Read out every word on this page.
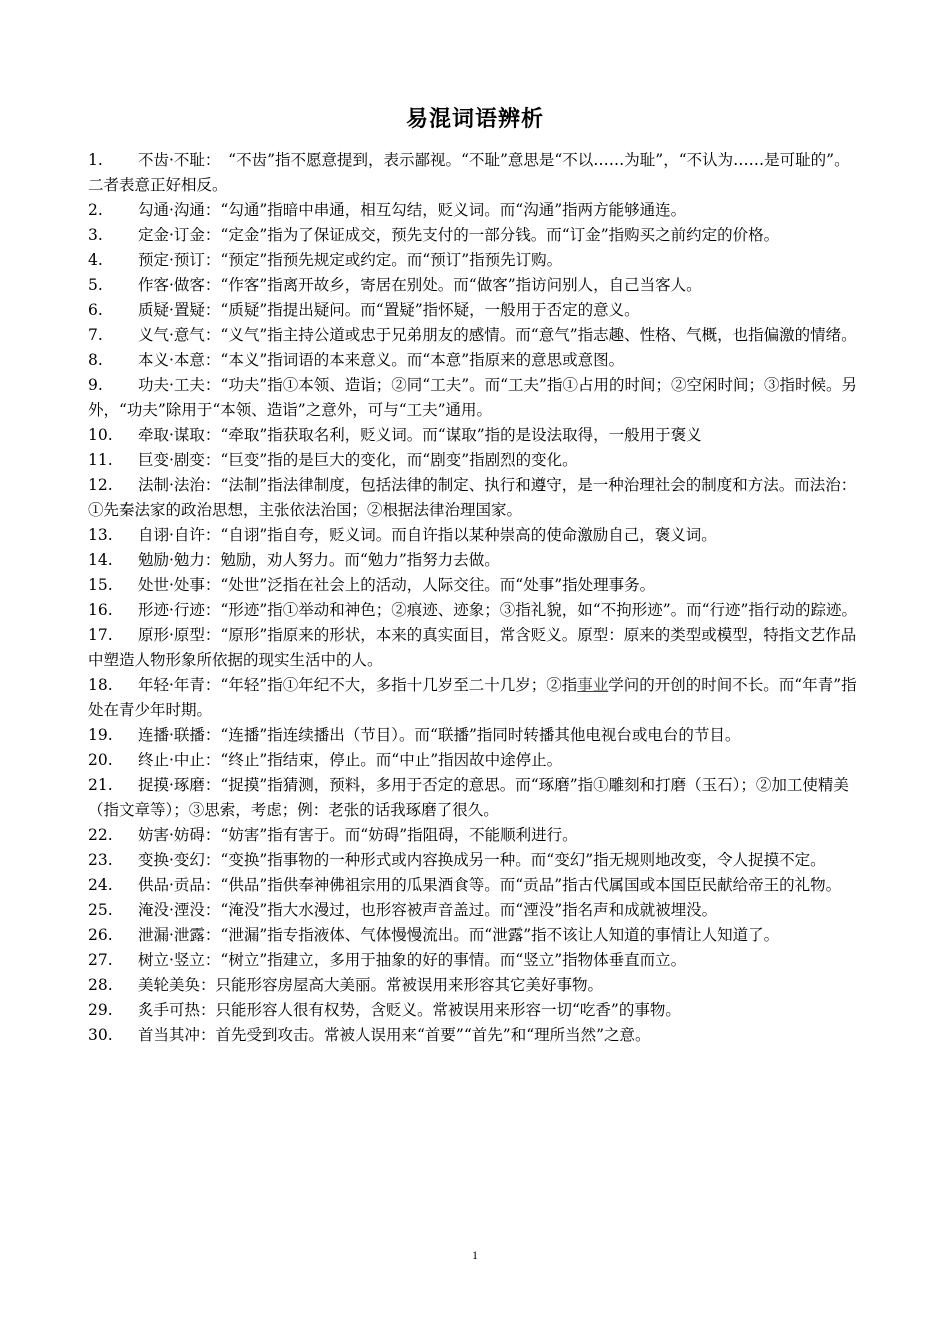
易混词语辨析

1. 不齿·不耻：　“不齿”指不愿意提到，表示鄙视。“不耻”意思是“不以……为耻”，“不认为……是可耻的”。二者表意正好相反。

2. 勾通·沟通：“勾通”指暗中串通，相互勾结，贬义词。而“沟通”指两方能够通连。

3. 定金·订金：“定金”指为了保证成交，预先支付的一部分钱。而“订金”指购买之前约定的价格。

4. 预定·预订：“预定”指预先规定或约定。而“预订”指预先订购。

5. 作客·做客：“作客”指离开故乡，寄居在别处。而“做客”指访问别人，自己当客人。

6. 质疑·置疑：“质疑”指提出疑问。而“置疑”指怀疑，一般用于否定的意义。

7. 义气·意气：“义气”指主持公道或忠于兄弟朋友的感情。而“意气”指志趣、性格、气概，也指偏激的情绪。

8. 本义·本意：“本义”指词语的本来意义。而“本意”指原来的意思或意图。

9. 功夫·工夫：“功夫”指①本领、造诣；②同“工夫”。而“工夫”指①占用的时间；②空闲时间；③指时候。另外，“功夫”除用于“本领、造诣”之意外，可与“工夫”通用。

10. 牵取·谋取：“牵取”指获取名利，贬义词。而“谋取”指的是设法取得，一般用于褒义

11. 巨变·剧变：“巨变”指的是巨大的变化，而“剧变”指剧烈的变化。

12. 法制·法治：“法制”指法律制度，包括法律的制定、执行和遵守，是一种治理社会的制度和方法。而法治：①先秦法家的政治思想，主张依法治国；②根据法律治理国家。

13. 自诩·自许：“自诩”指自夸，贬义词。而自许指以某种崇高的使命激励自己，褒义词。

14. 勉励·勉力：勉励，劝人努力。而“勉力”指努力去做。

15. 处世·处事：“处世”泛指在社会上的活动，人际交往。而“处事”指处理事务。

16. 形迹·行迹：“形迹”指①举动和神色；②痕迹、迹象；③指礼貌，如“不拘形迹”。而“行迹”指行动的踪迹。

17. 原形·原型：“原形”指原来的形状，本来的真实面目，常含贬义。原型：原来的类型或模型，特指文艺作品中塑造人物形象所依据的现实生活中的人。

18. 年轻·年青：“年轻”指①年纪不大，多指十几岁至二十几岁；②指事业学问的开创的时间不长。而“年青”指处在青少年时期。

19. 连播·联播：“连播”指连续播出（节目）。而“联播”指同时转播其他电视台或电台的节目。

20. 终止·中止：“终止”指结束，停止。而“中止”指因故中途停止。

21. 捉摸·琢磨：“捉摸”指猜测，预料，多用于否定的意思。而“琢磨”指①雕刻和打磨（玉石）；②加工使精美（指文章等）；③思索，考虑；例：老张的话我琢磨了很久。

22. 妨害·妨碍：“妨害”指有害于。而“妨碍”指阻碍，不能顺利进行。

23. 变换·变幻：“变换”指事物的一种形式或内容换成另一种。而“变幻”指无规则地改变，令人捉摸不定。

24. 供品·贡品：“供品”指供奉神佛祖宗用的瓜果酒食等。而“贡品”指古代属国或本国臣民献给帝王的礼物。

25. 淹没·湮没：“淹没”指大水漫过，也形容被声音盖过。而“湮没”指名声和成就被埋没。

26. 泄漏·泄露：“泄漏”指专指液体、气体慢慢流出。而“泄露”指不该让人知道的事情让人知道了。

27. 树立·竖立：“树立”指建立，多用于抽象的好的事情。而“竖立”指物体垂直而立。

28. 美轮美奂：只能形容房屋高大美丽。常被误用来形容其它美好事物。

29. 炙手可热：只能形容人很有权势，含贬义。常被误用来形容一切“吃香”的事物。

30. 首当其冲：首先受到攻击。常被人误用来“首要”“首先”和“理所当然”之意。

1
